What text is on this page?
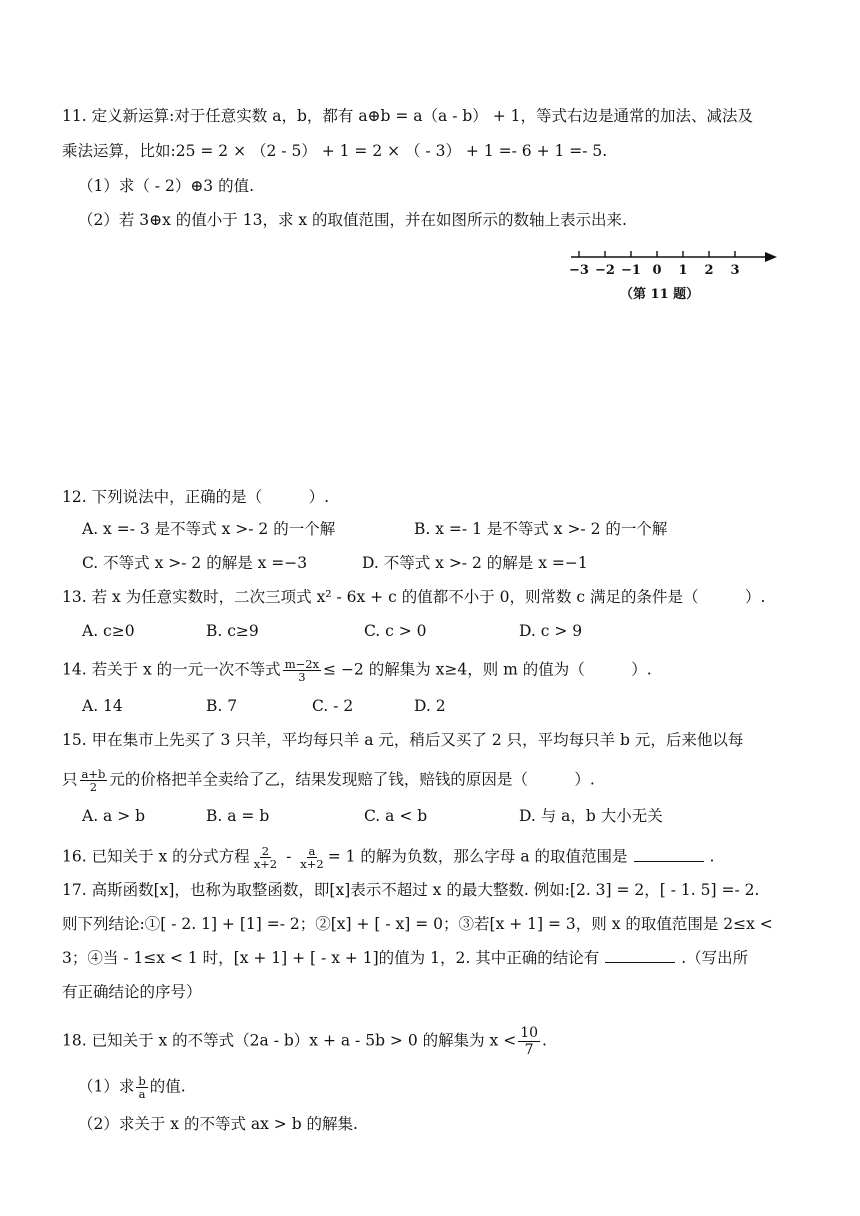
11. 定义新运算:对于任意实数 a，b，都有 a⊕b = a（a - b） + 1，等式右边是通常的加法、减法及
乘法运算，比如:25 = 2 × （2 - 5） + 1 = 2 × （ - 3） + 1 =- 6 + 1 =- 5.
（1）求（ - 2）⊕3 的值.
（2）若 3⊕x 的值小于 13，求 x 的取值范围，并在如图所示的数轴上表示出来.
−3 −2 −1 0 1 2 3
（第 11 题）
12. 下列说法中，正确的是（　　　）.
A. x =- 3 是不等式 x >- 2 的一个解	B. x =- 1 是不等式 x >- 2 的一个解
C. 不等式 x >- 2 的解是 x =−3	D. 不等式 x >- 2 的解是 x =−1
13. 若 x 为任意实数时，二次三项式 x² - 6x + c 的值都不小于 0，则常数 c 满足的条件是（　　　）.
A. c≥0	B. c≥9	C. c > 0	D. c > 9
14. 若关于 x 的一元一次不等式 $\frac{m-2x}{3} \le -2$ 的解集为 x≥4，则 m 的值为（　　　）.
A. 14	B. 7	C. - 2	D. 2
15. 甲在集市上先买了 3 只羊，平均每只羊 a 元，稍后又买了 2 只，平均每只羊 b 元，后来他以每
只 $\frac{a+b}{2}$ 元的价格把羊全卖给了乙，结果发现赔了钱，赔钱的原因是（　　　）.
A. a > b	B. a = b	C. a < b	D. 与 a，b 大小无关
16. 已知关于 x 的分式方程 $\frac{2}{x+2} - \frac{a}{x+2} = 1$ 的解为负数，那么字母 a 的取值范围是	.
17. 高斯函数[x]，也称为取整函数，即[x]表示不超过 x 的最大整数. 例如:[2. 3] = 2，[ - 1. 5] =- 2.
则下列结论:①[ - 2. 1] + [1] =- 2；②[x] + [ - x] = 0；③若[x + 1] = 3，则 x 的取值范围是 2≤x <
3；④当 - 1≤x < 1 时，[x + 1] + [ - x + 1]的值为 1，2. 其中正确的结论有	.（写出所
有正确结论的序号）
18. 已知关于 x 的不等式（2a - b）x + a - 5b > 0 的解集为 $x < \frac{10}{7}$ .
（1）求 $\frac{b}{a}$ 的值.
（2）求关于 x 的不等式 ax > b 的解集.
